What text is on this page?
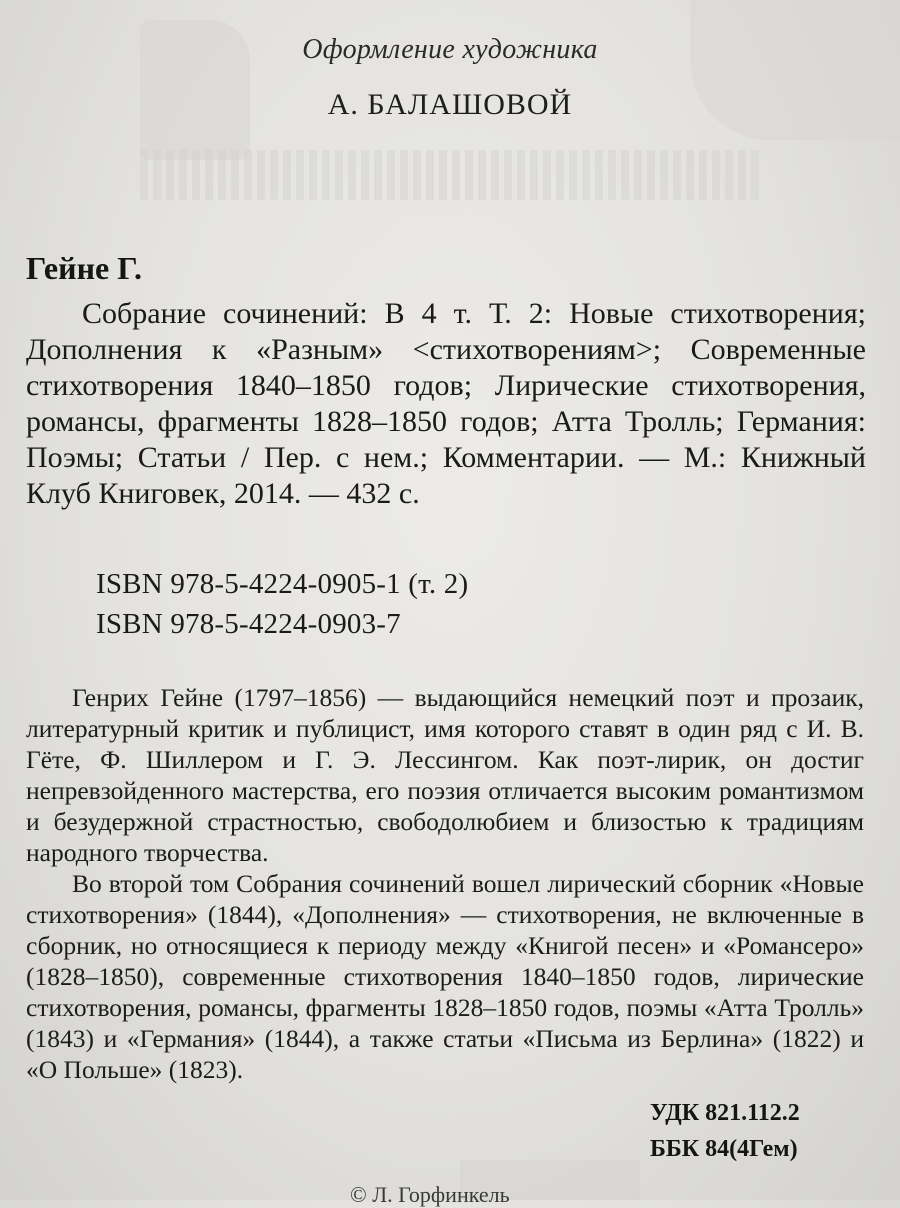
Оформление художника
А. БАЛАШОВОЙ
Гейне Г.

Собрание сочинений: В 4 т. Т. 2: Новые стихотворения; Дополнения к «Разным» <стихотворениям>; Современные стихотворения 1840–1850 годов; Лирические стихотворения, романсы, фрагменты 1828–1850 годов; Атта Тролль; Германия: Поэмы; Статьи / Пер. с нем.; Комментарии. — М.: Книжный Клуб Книговек, 2014. — 432 с.

ISBN 978-5-4224-0905-1 (т. 2)
ISBN 978-5-4224-0903-7

Генрих Гейне (1797–1856) — выдающийся немецкий поэт и прозаик, литературный критик и публицист, имя которого ставят в один ряд с И. В. Гёте, Ф. Шиллером и Г. Э. Лессингом. Как поэт-лирик, он достиг непревзойденного мастерства, его поэзия отличается высоким романтизмом и безудержной страстностью, свободолюбием и близостью к традициям народного творчества.

Во второй том Собрания сочинений вошел лирический сборник «Новые стихотворения» (1844), «Дополнения» — стихотворения, не включенные в сборник, но относящиеся к периоду между «Книгой песен» и «Романсеро» (1828–1850), современные стихотворения 1840–1850 годов, лирические стихотворения, романсы, фрагменты 1828–1850 годов, поэмы «Атта Тролль» (1843) и «Германия» (1844), а также статьи «Письма из Берлина» (1822) и «О Польше» (1823).

УДК 821.112.2
ББК 84(4Гем)
© Л. Горфинкель
